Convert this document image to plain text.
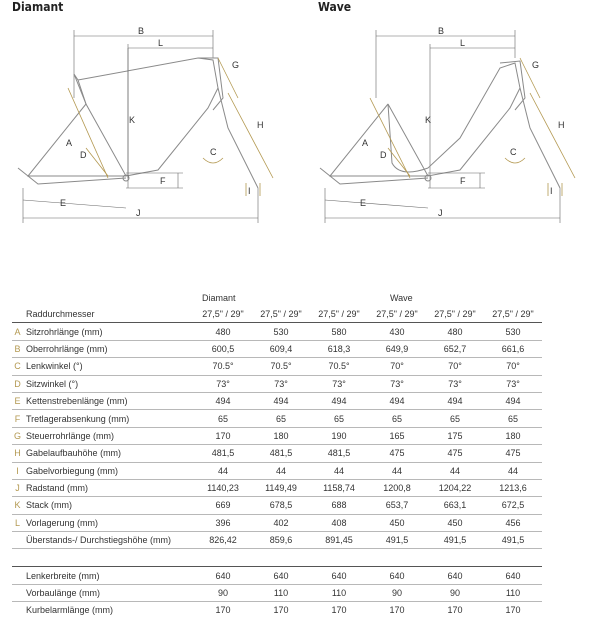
Diamant	Wave
B
L
A
D
K
G
H
C
F
I
E
J
B
L
A
D
K
G
H
C
F
I
E
J
		Diamant			Wave		
	Raddurchmesser	27,5" / 29"	27,5" / 29"	27,5" / 29"	27,5" / 29"	27,5" / 29"	27,5" / 29"
A	Sitzrohrlänge (mm)	480	530	580	430	480	530
B	Oberrohrlänge (mm)	600,5	609,4	618,3	649,9	652,7	661,6
C	Lenkwinkel (°)	70.5°	70.5°	70.5°	70°	70°	70°
D	Sitzwinkel (°)	73°	73°	73°	73°	73°	73°
E	Kettenstrebenlänge (mm)	494	494	494	494	494	494
F	Tretlagerabsenkung (mm)	65	65	65	65	65	65
G	Steuerrohrlänge (mm)	170	180	190	165	175	180
H	Gabelaufbauhöhe (mm)	481,5	481,5	481,5	475	475	475
I	Gabelvorbiegung (mm)	44	44	44	44	44	44
J	Radstand (mm)	1140,23	1149,49	1158,74	1200,8	1204,22	1213,6
K	Stack (mm)	669	678,5	688	653,7	663,1	672,5
L	Vorlagerung (mm)	396	402	408	450	450	456
	Überstands-/ Durchstiegshöhe (mm)	826,42	859,6	891,45	491,5	491,5	491,5

	Lenkerbreite (mm)	640	640	640	640	640	640
	Vorbaulänge (mm)	90	110	110	90	90	110
	Kurbelarmlänge (mm)	170	170	170	170	170	170
